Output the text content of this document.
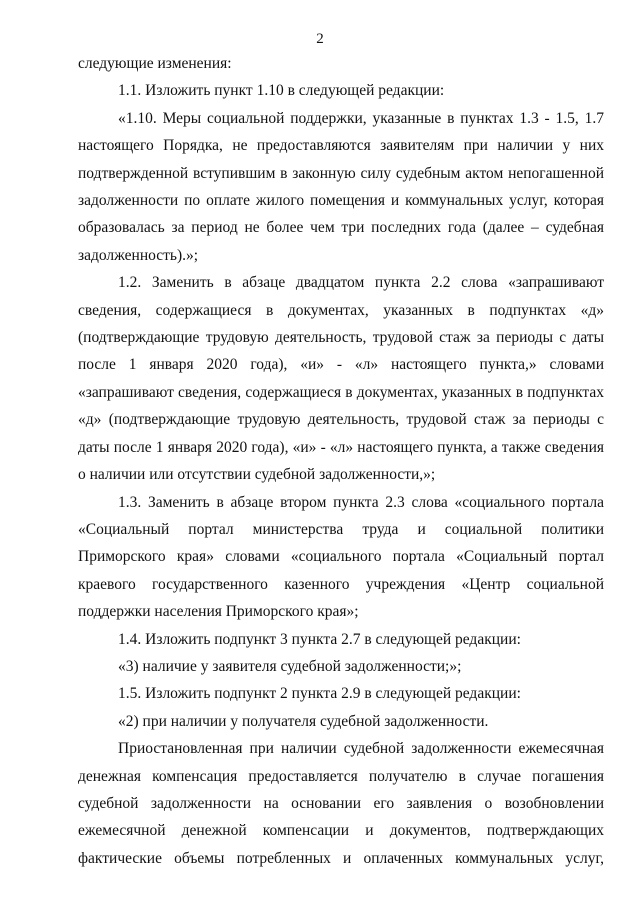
2

следующие изменения:

1.1. Изложить пункт 1.10 в следующей редакции:

«1.10. Меры социальной поддержки, указанные в пунктах 1.3 - 1.5, 1.7 настоящего Порядка, не предоставляются заявителям при наличии у них подтвержденной вступившим в законную силу судебным актом непогашенной задолженности по оплате жилого помещения и коммунальных услуг, которая образовалась за период не более чем три последних года (далее – судебная задолженность).»;

1.2. Заменить в абзаце двадцатом пункта 2.2 слова «запрашивают сведения, содержащиеся в документах, указанных в подпунктах «д» (подтверждающие трудовую деятельность, трудовой стаж за периоды с даты после 1 января 2020 года), «и» - «л» настоящего пункта,» словами «запрашивают сведения, содержащиеся в документах, указанных в подпунктах «д» (подтверждающие трудовую деятельность, трудовой стаж за периоды с даты после 1 января 2020 года), «и» - «л» настоящего пункта, а также сведения о наличии или отсутствии судебной задолженности,»;

1.3. Заменить в абзаце втором пункта 2.3 слова «социального портала «Социальный портал министерства труда и социальной политики Приморского края» словами «социального портала «Социальный портал краевого государственного казенного учреждения «Центр социальной поддержки населения Приморского края»;

1.4. Изложить подпункт 3 пункта 2.7 в следующей редакции:

«3) наличие у заявителя судебной задолженности;»;

1.5. Изложить подпункт 2 пункта 2.9 в следующей редакции:

«2) при наличии у получателя судебной задолженности.

Приостановленная при наличии судебной задолженности ежемесячная денежная компенсация предоставляется получателю в случае погашения судебной задолженности на основании его заявления о возобновлении ежемесячной денежной компенсации и документов, подтверждающих фактические объемы потребленных и оплаченных коммунальных услуг,
